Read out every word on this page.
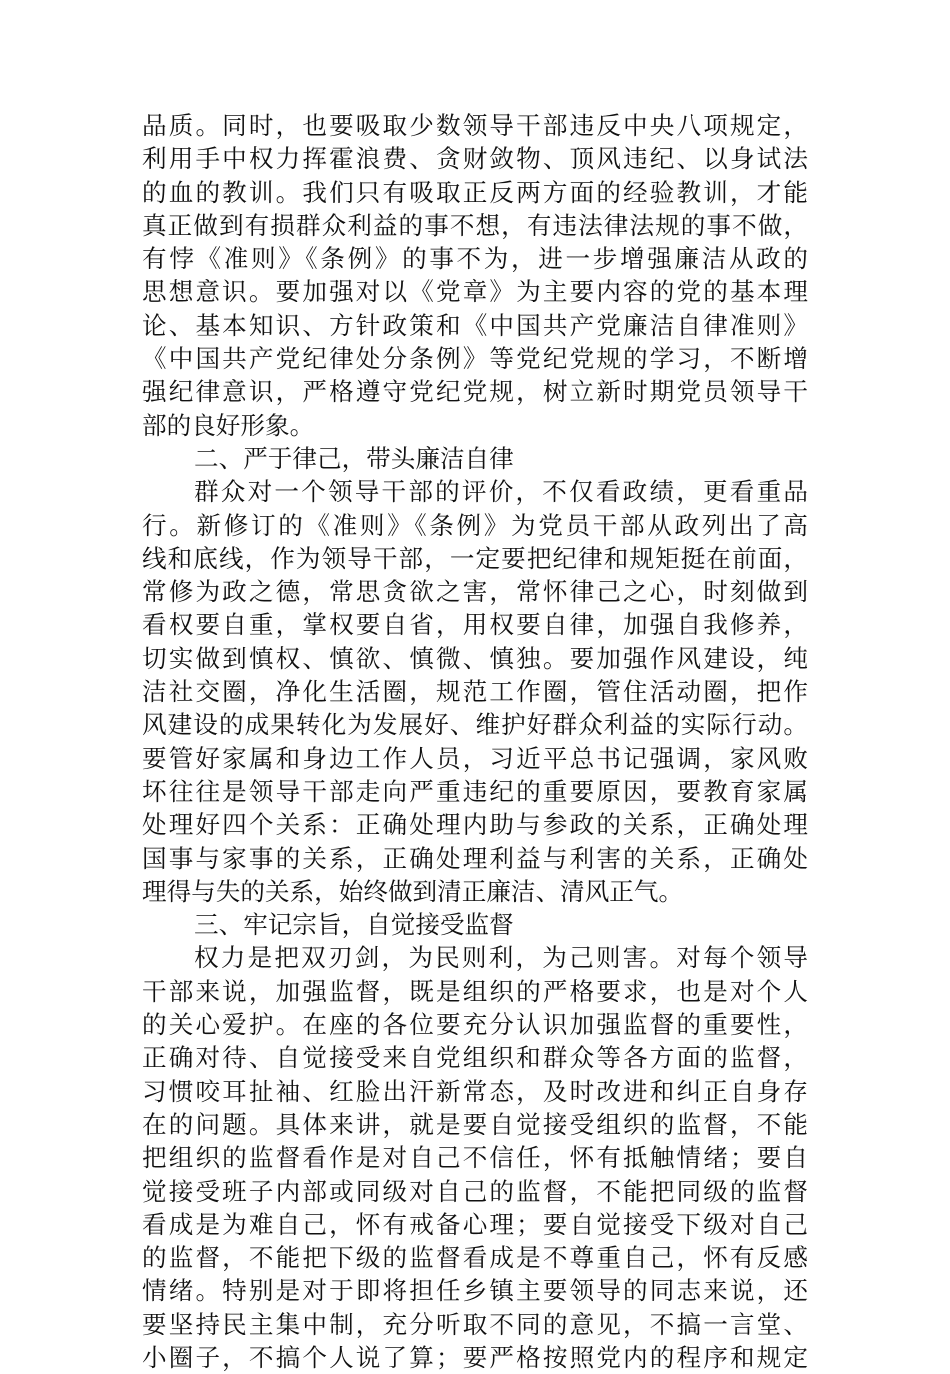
品质。同时，也要吸取少数领导干部违反中央八项规定，
利用手中权力挥霍浪费、贪财敛物、顶风违纪、以身试法
的血的教训。我们只有吸取正反两方面的经验教训，才能
真正做到有损群众利益的事不想，有违法律法规的事不做，
有悖《准则》《条例》的事不为，进一步增强廉洁从政的
思想意识。要加强对以《党章》为主要内容的党的基本理
论、基本知识、方针政策和《中国共产党廉洁自律准则》
《中国共产党纪律处分条例》等党纪党规的学习，不断增
强纪律意识，严格遵守党纪党规，树立新时期党员领导干
部的良好形象。
二、严于律己，带头廉洁自律
群众对一个领导干部的评价，不仅看政绩，更看重品
行。新修订的《准则》《条例》为党员干部从政列出了高
线和底线，作为领导干部，一定要把纪律和规矩挺在前面，
常修为政之德，常思贪欲之害，常怀律己之心，时刻做到
看权要自重，掌权要自省，用权要自律，加强自我修养，
切实做到慎权、慎欲、慎微、慎独。要加强作风建设，纯
洁社交圈，净化生活圈，规范工作圈，管住活动圈，把作
风建设的成果转化为发展好、维护好群众利益的实际行动。
要管好家属和身边工作人员，习近平总书记强调，家风败
坏往往是领导干部走向严重违纪的重要原因，要教育家属
处理好四个关系：正确处理内助与参政的关系，正确处理
国事与家事的关系，正确处理利益与利害的关系，正确处
理得与失的关系，始终做到清正廉洁、清风正气。
三、牢记宗旨，自觉接受监督
权力是把双刃剑，为民则利，为己则害。对每个领导
干部来说，加强监督，既是组织的严格要求，也是对个人
的关心爱护。在座的各位要充分认识加强监督的重要性，
正确对待、自觉接受来自党组织和群众等各方面的监督，
习惯咬耳扯袖、红脸出汗新常态，及时改进和纠正自身存
在的问题。具体来讲，就是要自觉接受组织的监督，不能
把组织的监督看作是对自己不信任，怀有抵触情绪；要自
觉接受班子内部或同级对自己的监督，不能把同级的监督
看成是为难自己，怀有戒备心理；要自觉接受下级对自己
的监督，不能把下级的监督看成是不尊重自己，怀有反感
情绪。特别是对于即将担任乡镇主要领导的同志来说，还
要坚持民主集中制，充分听取不同的意见，不搞一言堂、
小圈子，不搞个人说了算；要严格按照党内的程序和规定
